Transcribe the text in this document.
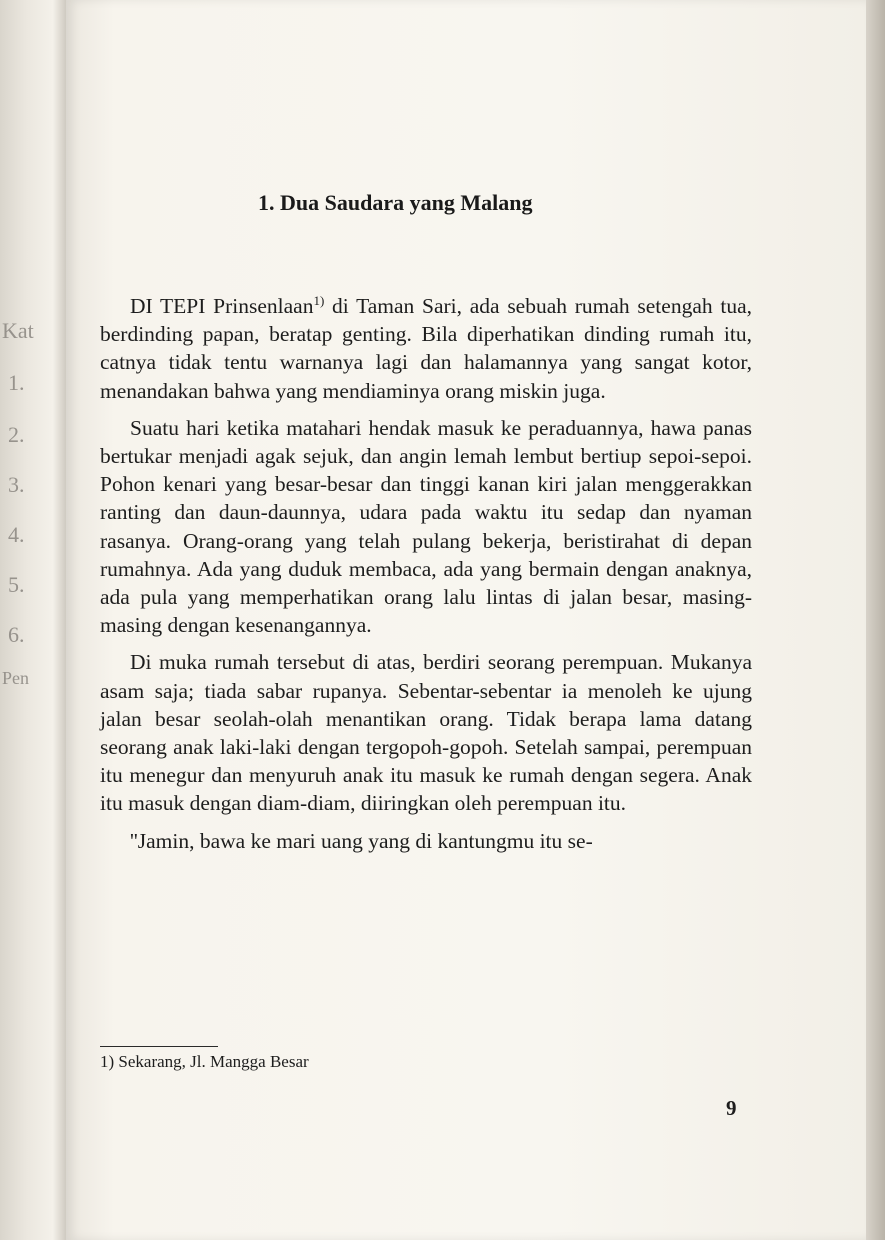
Kat
1.
2.
3.
4.
5.
6.
Pen
1. Dua Saudara yang Malang

DI TEPI Prinsenlaan$^{1)}$ di Taman Sari, ada sebuah rumah setengah tua, berdinding papan, beratap genting. Bila diperhatikan dinding rumah itu, catnya tidak tentu warnanya lagi dan halamannya yang sangat kotor, menandakan bahwa yang mendiaminya orang miskin juga.

Suatu hari ketika matahari hendak masuk ke peraduannya, hawa panas bertukar menjadi agak sejuk, dan angin lemah lembut bertiup sepoi-sepoi. Pohon kenari yang besar-besar dan tinggi kanan kiri jalan menggerakkan ranting dan daun-daunnya, udara pada waktu itu sedap dan nyaman rasanya. Orang-orang yang telah pulang bekerja, beristirahat di depan rumahnya. Ada yang duduk membaca, ada yang bermain dengan anaknya, ada pula yang memperhatikan orang lalu lintas di jalan besar, masing-masing dengan kesenangannya.

Di muka rumah tersebut di atas, berdiri seorang perempuan. Mukanya asam saja; tiada sabar rupanya. Sebentar-sebentar ia menoleh ke ujung jalan besar seolah-olah menantikan orang. Tidak berapa lama datang seorang anak laki-laki dengan tergopoh-gopoh. Setelah sampai, perempuan itu menegur dan menyuruh anak itu masuk ke rumah dengan segera. Anak itu masuk dengan diam-diam, diiringkan oleh perempuan itu.

''Jamin, bawa ke mari uang yang di kantungmu itu se-

1) Sekarang, Jl. Mangga Besar
9
